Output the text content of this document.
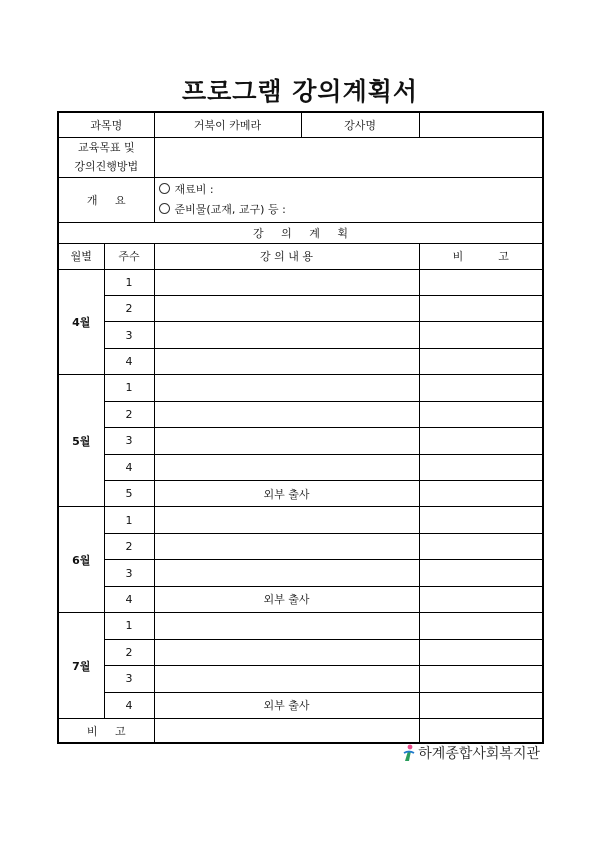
프로그램 강의계획서
과목명		거북이 카메라	강사명	

교육목표 및
강의진행방법				

개     요		재료비 :
준비물(교재, 교구) 등 :		

강     의     계     획				
월별	주수	강 의 내 용		비          고
4월	1			
	2			
	3			
	4			
5월	1			
	2			
	3			
	4			
	5	외부 출사		
6월	1			
	2			
	3			
	4	외부 출사		
7월	1			
	2			
	3			
	4	외부 출사		
비     고				
하계종합사회복지관
